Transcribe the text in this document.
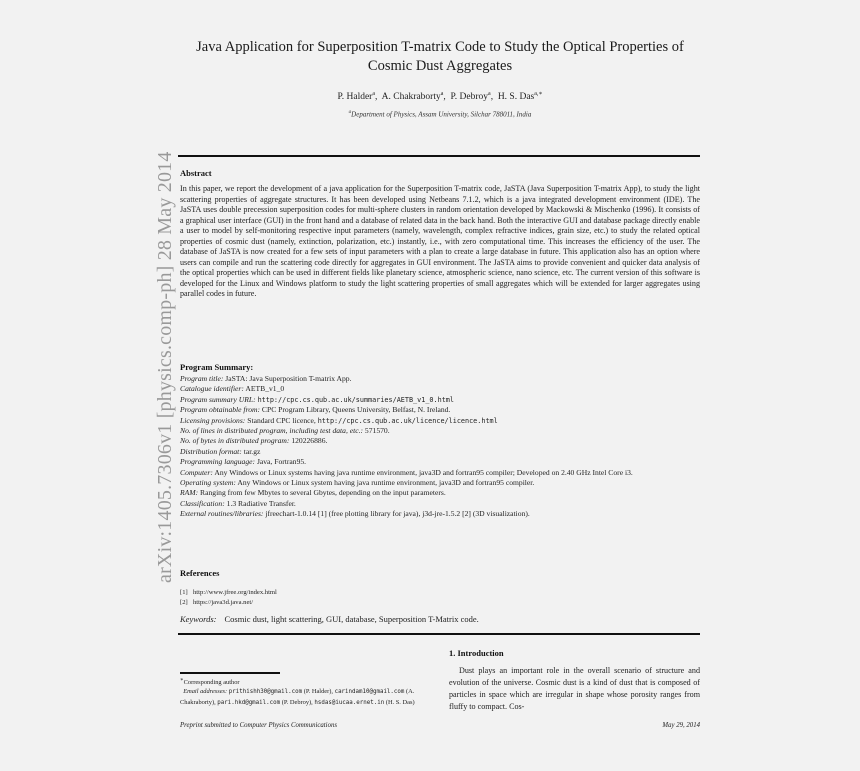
arXiv:1405.7306v1 [physics.comp-ph] 28 May 2014
Java Application for Superposition T-matrix Code to Study the Optical Properties of
Cosmic Dust Aggregates
P. Halder$^a$,  A. Chakraborty$^a$,  P. Debroy$^a$,  H. S. Das$^{a,∗}$
$^a$Department of Physics, Assam University, Silchar 788011, India
Abstract
In this paper, we report the development of a java application for the Superposition T-matrix code, JaSTA (Java Superposition T-matrix App), to study the light scattering properties of aggregate structures. It has been developed using Netbeans 7.1.2, which is a java integrated development environment (IDE). The JaSTA uses double precession superposition codes for multi-sphere clusters in random orientation developed by Mackowski & Mischenko (1996). It consists of a graphical user interface (GUI) in the front hand and a database of related data in the back hand. Both the interactive GUI and database package directly enable a user to model by self-monitoring respective input parameters (namely, wavelength, complex refractive indices, grain size, etc.) to study the related optical properties of cosmic dust (namely, extinction, polarization, etc.) instantly, i.e., with zero computational time. This increases the efficiency of the user. The database of JaSTA is now created for a few sets of input parameters with a plan to create a large database in future. This application also has an option where users can compile and run the scattering code directly for aggregates in GUI environment. The JaSTA aims to provide convenient and quicker data analysis of the optical properties which can be used in different fields like planetary science, atmospheric science, nano science, etc. The current version of this software is developed for the Linux and Windows platform to study the light scattering properties of small aggregates which will be extended for larger aggregates using parallel codes in future.
Program Summary:

Program title: JaSTA: Java Superposition T-matrix App.

Catalogue identifier: AETB_v1_0

Program summary URL: http://cpc.cs.qub.ac.uk/summaries/AETB_v1_0.html

Program obtainable from: CPC Program Library, Queens University, Belfast, N. Ireland.

Licensing provisions: Standard CPC licence, http://cpc.cs.qub.ac.uk/licence/licence.html

No. of lines in distributed program, including test data, etc.: 571570.

No. of bytes in distributed program: 120226886.

Distribution format: tar.gz

Programming language: Java, Fortran95.

Computer: Any Windows or Linux systems having java runtime environment, java3D and fortran95 compiler; Developed on 2.40 GHz Intel Core i3.

Operating system: Any Windows or Linux system having java runtime environment, java3D and fortran95 compiler.

RAM: Ranging from few Mbytes to several Gbytes, depending on the input parameters.

Classification: 1.3 Radiative Transfer.

External routines/libraries: jfreechart-1.0.14 [1] (free plotting library for java), j3d-jre-1.5.2 [2] (3D visualization).

References
[1] http://www.jfree.org/index.html
[2] https://java3d.java.net/
Keywords: Cosmic dust, light scattering, GUI, database, Superposition T-Matrix code.
1. Introduction
Dust plays an important role in the overall scenario of structure and evolution of the universe. Cosmic dust is a kind of dust that is composed of particles in space which are irregular in shape whose porosity ranges from fluffy to compact. Cos-
∗Corresponding author
Email addresses: prithishh30@gmail.com (P. Halder), carindam10@gmail.com (A. Chakraborty), pari.hkd@gmail.com (P. Debroy), hsdas@iucaa.ernet.in (H. S. Das)
Preprint submitted to Computer Physics Communications	May 29, 2014
